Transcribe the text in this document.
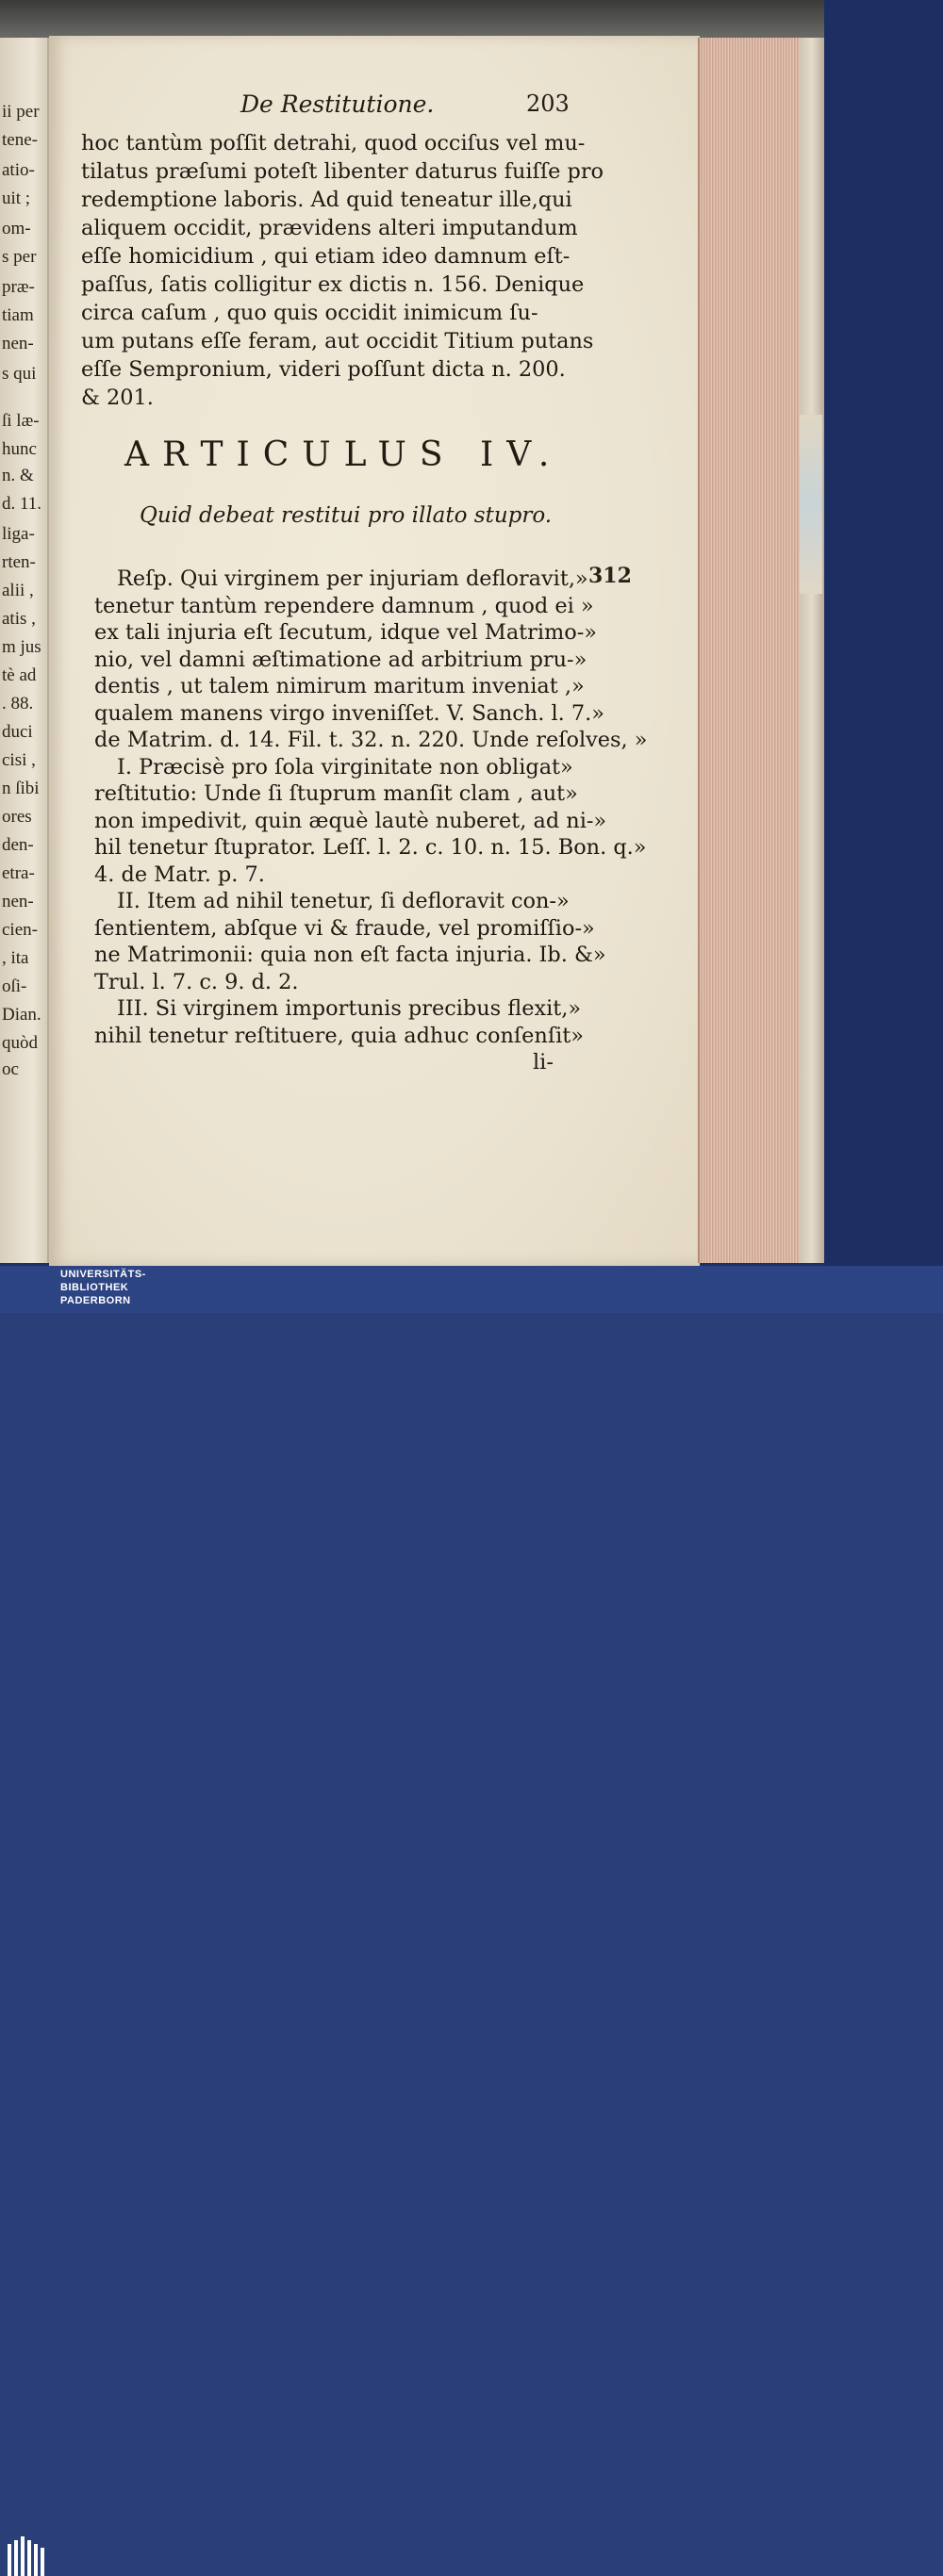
ii per
tene-
atio-
uit ;
om-
s per
præ-
tiam
nen-
s qui
ſi læ-
hunc
n. &
d. 11.
liga-
rten-
alii ,
atis ,
m jus
tè ad
. 88.
duci
cisi ,
n ſibi
ores
den-
etra-
nen-
cien-
, ita
oſi-
Dian.
quòd
oc
De Restitutione.	203
hoc tantùm poſſit detrahi, quod occiſus vel mu-
tilatus præſumi poteſt libenter daturus fuiſſe pro
redemptione laboris. Ad quid teneatur ille,qui
aliquem occidit, prævidens alteri imputandum
eſſe homicidium , qui etiam ideo damnum eſt-
paſſus, ſatis colligitur ex dictis n. 156. Denique
circa caſum , quo quis occidit inimicum ſu-
um putans eſſe feram, aut occidit Titium putans
eſſe Sempronium, videri poſſunt dicta n. 200.
& 201.
ARTICULUS IV.
Quid debeat restitui pro illato stupro.
Reſp. Qui virginem per injuriam defloravit,»
tenetur tantùm rependere damnum , quod ei »
ex tali injuria eſt ſecutum, idque vel Matrimo-»
nio, vel damni æſtimatione ad arbitrium pru-»
dentis , ut talem nimirum maritum inveniat ,»
qualem manens virgo inveniſſet. V. Sanch. l. 7.»
de Matrim. d. 14. Fil. t. 32. n. 220. Unde reſolves, »
I. Præcisè pro ſola virginitate non obligat»
reſtitutio: Unde ſi ſtuprum manſit clam , aut»
non impedivit, quin æquè lautè nuberet, ad ni-»
hil tenetur ſtuprator. Leſſ. l. 2. c. 10. n. 15. Bon. q.»
4. de Matr. p. 7.
II. Item ad nihil tenetur, ſi defloravit con-»
ſentientem, abſque vi & fraude, vel promiſſio-»
ne Matrimonii: quia non eſt facta injuria. Ib. &»
Trul. l. 7. c. 9. d. 2.
III. Si virginem importunis precibus flexit,»
nihil tenetur reſtituere, quia adhuc conſenſit»
li-
312
UNIVERSITÄTS-
BIBLIOTHEK
PADERBORN
